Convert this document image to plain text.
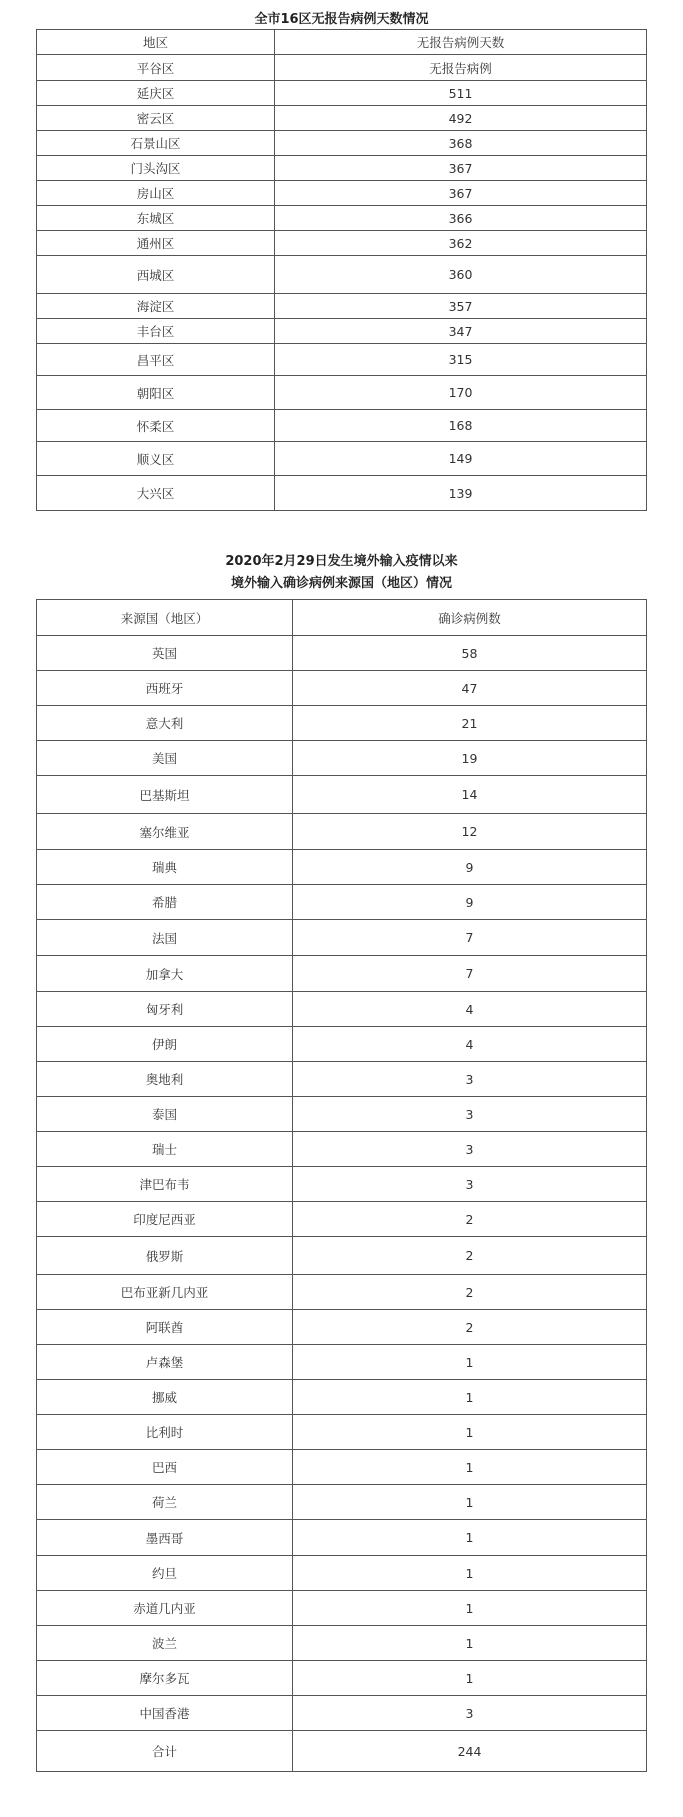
全市16区无报告病例天数情况
地区	无报告病例天数
平谷区	无报告病例
延庆区	511
密云区	492
石景山区	368
门头沟区	367
房山区	367
东城区	366
通州区	362
西城区	360
海淀区	357
丰台区	347
昌平区	315
朝阳区	170
怀柔区	168
顺义区	149
大兴区	139
2020年2月29日发生境外输入疫情以来
境外输入确诊病例来源国（地区）情况
来源国（地区）	确诊病例数
英国	58
西班牙	47
意大利	21
美国	19
巴基斯坦	14
塞尔维亚	12
瑞典	9
希腊	9
法国	7
加拿大	7
匈牙利	4
伊朗	4
奥地利	3
泰国	3
瑞士	3
津巴布韦	3
印度尼西亚	2
俄罗斯	2
巴布亚新几内亚	2
阿联酋	2
卢森堡	1
挪威	1
比利时	1
巴西	1
荷兰	1
墨西哥	1
约旦	1
赤道几内亚	1
波兰	1
摩尔多瓦	1
中国香港	3
合计	244
